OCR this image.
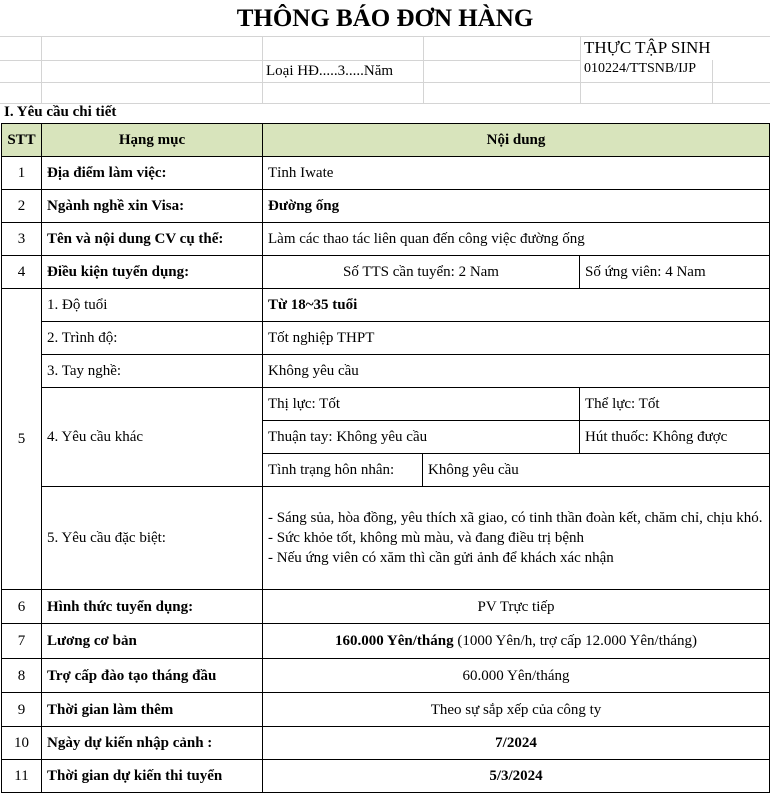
THÔNG BÁO ĐƠN HÀNG
THỰC TẬP SINH
010224/TTSNB/IJP
Loại HĐ.....3.....Năm
I. Yêu cầu chi tiết
STT	Hạng mục	Nội dung		
1	Địa điểm làm việc:	Tỉnh Iwate		
2	Ngành nghề xin Visa:	Đường ống		
3	Tên và nội dung CV cụ thể:	Làm các thao tác liên quan đến công việc đường ống		
4	Điều kiện tuyển dụng:	Số TTS cần tuyển: 2 Nam		Số ứng viên: 4 Nam
5	1. Độ tuổi	Từ 18~35 tuổi		
	2. Trình độ:	Tốt nghiệp THPT		
	3. Tay nghề:	Không yêu cầu		
	4. Yêu cầu khác	Thị lực: Tốt		Thể lực: Tốt
		Thuận tay: Không yêu cầu		Hút thuốc: Không được
		Tình trạng hôn nhân:	Không yêu cầu	
	5. Yêu cầu đặc biệt:	- Sáng sủa, hòa đồng, yêu thích xã giao, có tinh thần đoàn kết, chăm chỉ, chịu khó.
- Sức khỏe tốt, không mù màu, và đang điều trị bệnh
- Nếu ứng viên có xăm thì cần gửi ảnh để khách xác nhận		

6	Hình thức tuyển dụng:	PV Trực tiếp		
7	Lương cơ bản	160.000 Yên/tháng (1000 Yên/h, trợ cấp 12.000 Yên/tháng)		
8	Trợ cấp đào tạo tháng đầu	60.000 Yên/tháng		
9	Thời gian làm thêm	Theo sự sắp xếp của công ty		
10	Ngày dự kiến nhập cảnh :	7/2024		
11	Thời gian dự kiến thi tuyển	5/3/2024		
